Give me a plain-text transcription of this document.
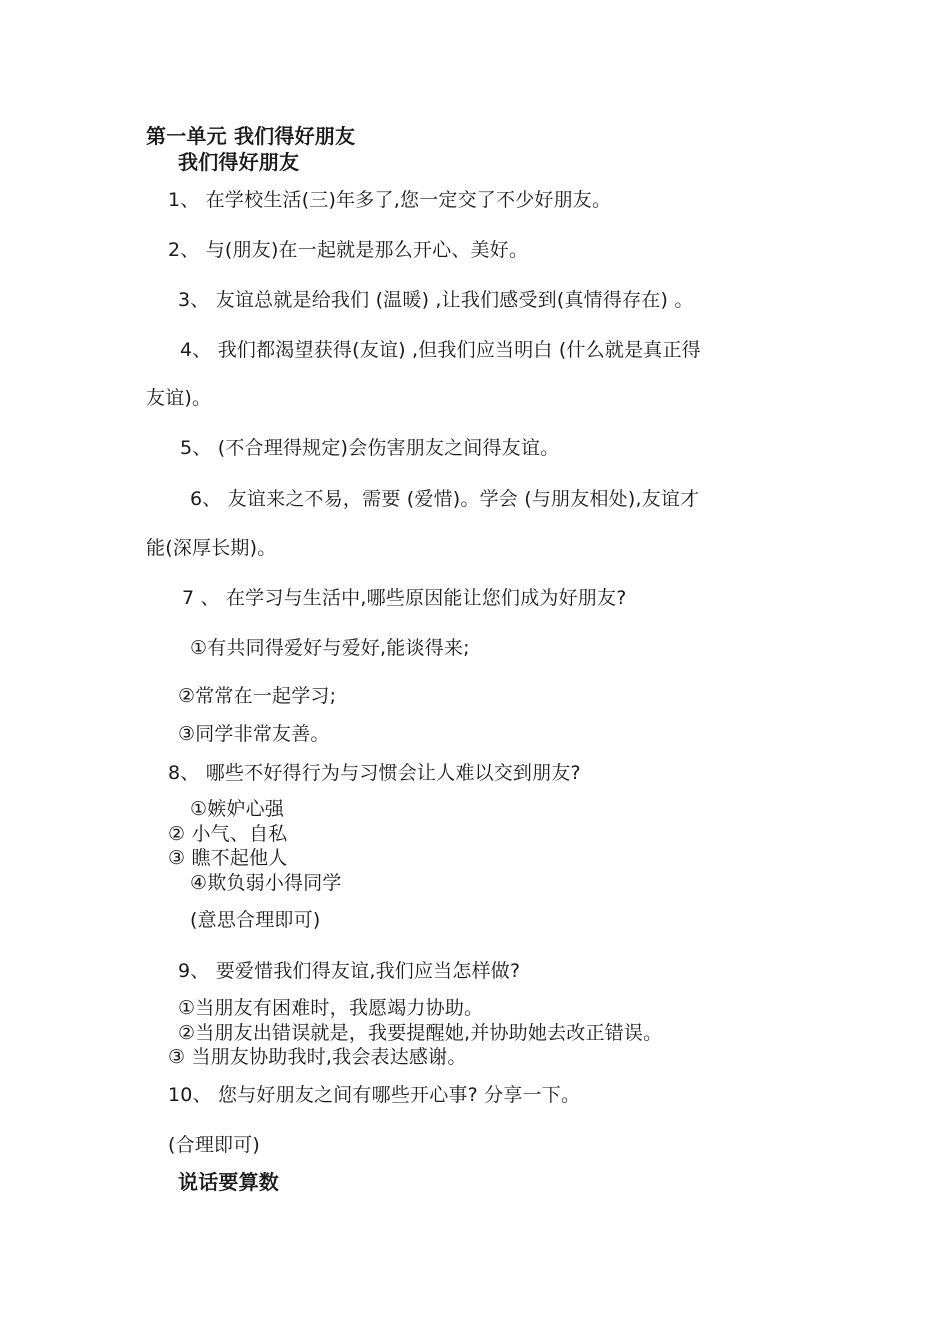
第一单元 我们得好朋友
我们得好朋友
1、 在学校生活(三)年多了,您一定交了不少好朋友。
2、 与(朋友)在一起就是那么开心、美好。
3、 友谊总就是给我们 (温暖) ,让我们感受到(真情得存在) 。
4、 我们都渴望获得(友谊) ,但我们应当明白 (什么就是真正得
友谊)。
5、 (不合理得规定)会伤害朋友之间得友谊。
6、 友谊来之不易，需要 (爱惜)。学会 (与朋友相处),友谊才
能(深厚长期)。
7 、 在学习与生活中,哪些原因能让您们成为好朋友?
①有共同得爱好与爱好,能谈得来;
②常常在一起学习;
③同学非常友善。
8、 哪些不好得行为与习惯会让人难以交到朋友?
①嫉妒心强
② 小气、自私
③ 瞧不起他人
④欺负弱小得同学
(意思合理即可)
9、 要爱惜我们得友谊,我们应当怎样做?
①当朋友有困难时，我愿竭力协助。
②当朋友出错误就是，我要提醒她,并协助她去改正错误。
③ 当朋友协助我时,我会表达感谢。
10、 您与好朋友之间有哪些开心事? 分享一下。
(合理即可)
说话要算数
